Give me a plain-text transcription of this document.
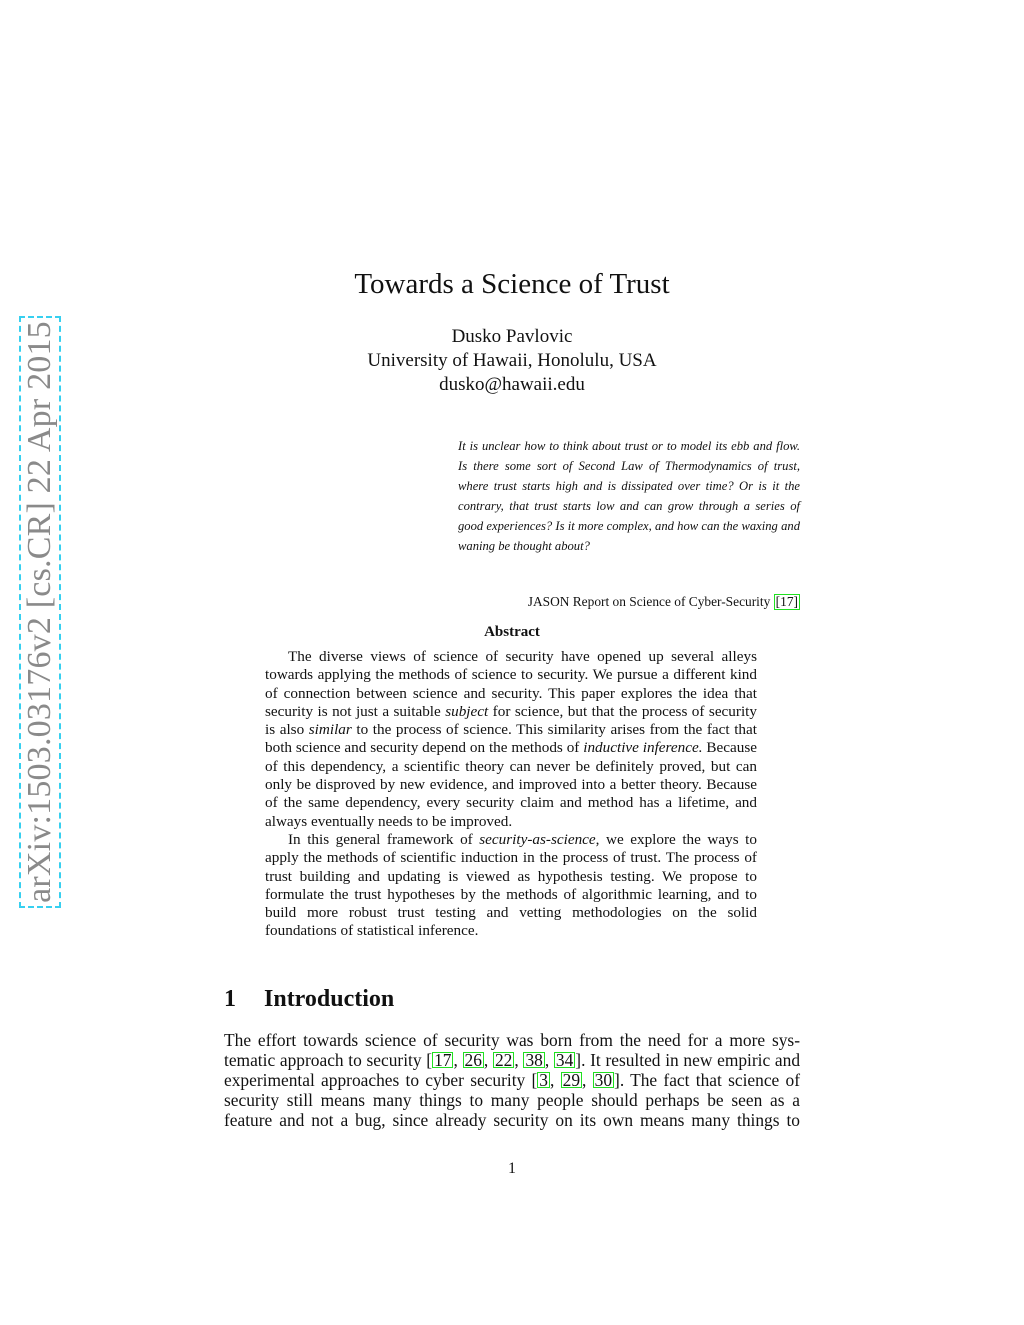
arXiv:1503.03176v2 [cs.CR] 22 Apr 2015
Towards a Science of Trust
Dusko Pavlovic
University of Hawaii, Honolulu, USA
dusko@hawaii.edu
It is unclear how to think about trust or to model its ebb and flow. Is there some sort of Second Law of Thermodynamics of trust, where trust starts high and is dissipated over time? Or is it the contrary, that trust starts low and can grow through a series of good experiences? Is it more complex, and how can the waxing and waning be thought about?
JASON Report on Science of Cyber-Security [17]
Abstract

The diverse views of science of security have opened up several alleys towards applying the methods of science to security. We pursue a different kind of connection between science and security. This paper explores the idea that security is not just a suitable subject for science, but that the process of security is also similar to the process of science. This similarity arises from the fact that both science and security depend on the methods of inductive inference. Because of this dependency, a scientific theory can never be definitely proved, but can only be disproved by new evidence, and improved into a better theory. Because of the same dependency, every security claim and method has a lifetime, and always eventually needs to be improved.

In this general framework of security-as-science, we explore the ways to apply the methods of scientific induction in the process of trust. The process of trust building and updating is viewed as hypothesis testing. We propose to formulate the trust hypotheses by the methods of algorithmic learning, and to build more robust trust testing and vetting methodologies on the solid foundations of statistical inference.

1 Introduction

The effort towards science of security was born from the need for a more sys-

tematic approach to security [ 17 , 26 , 22 , 38 , 34 ]. It resulted in new empiric and

experimental approaches to cyber security [ 3 , 29 , 30 ]. The fact that science of

security still means many things to many people should perhaps be seen as a

feature and not a bug, since already security on its own means many things to

1
